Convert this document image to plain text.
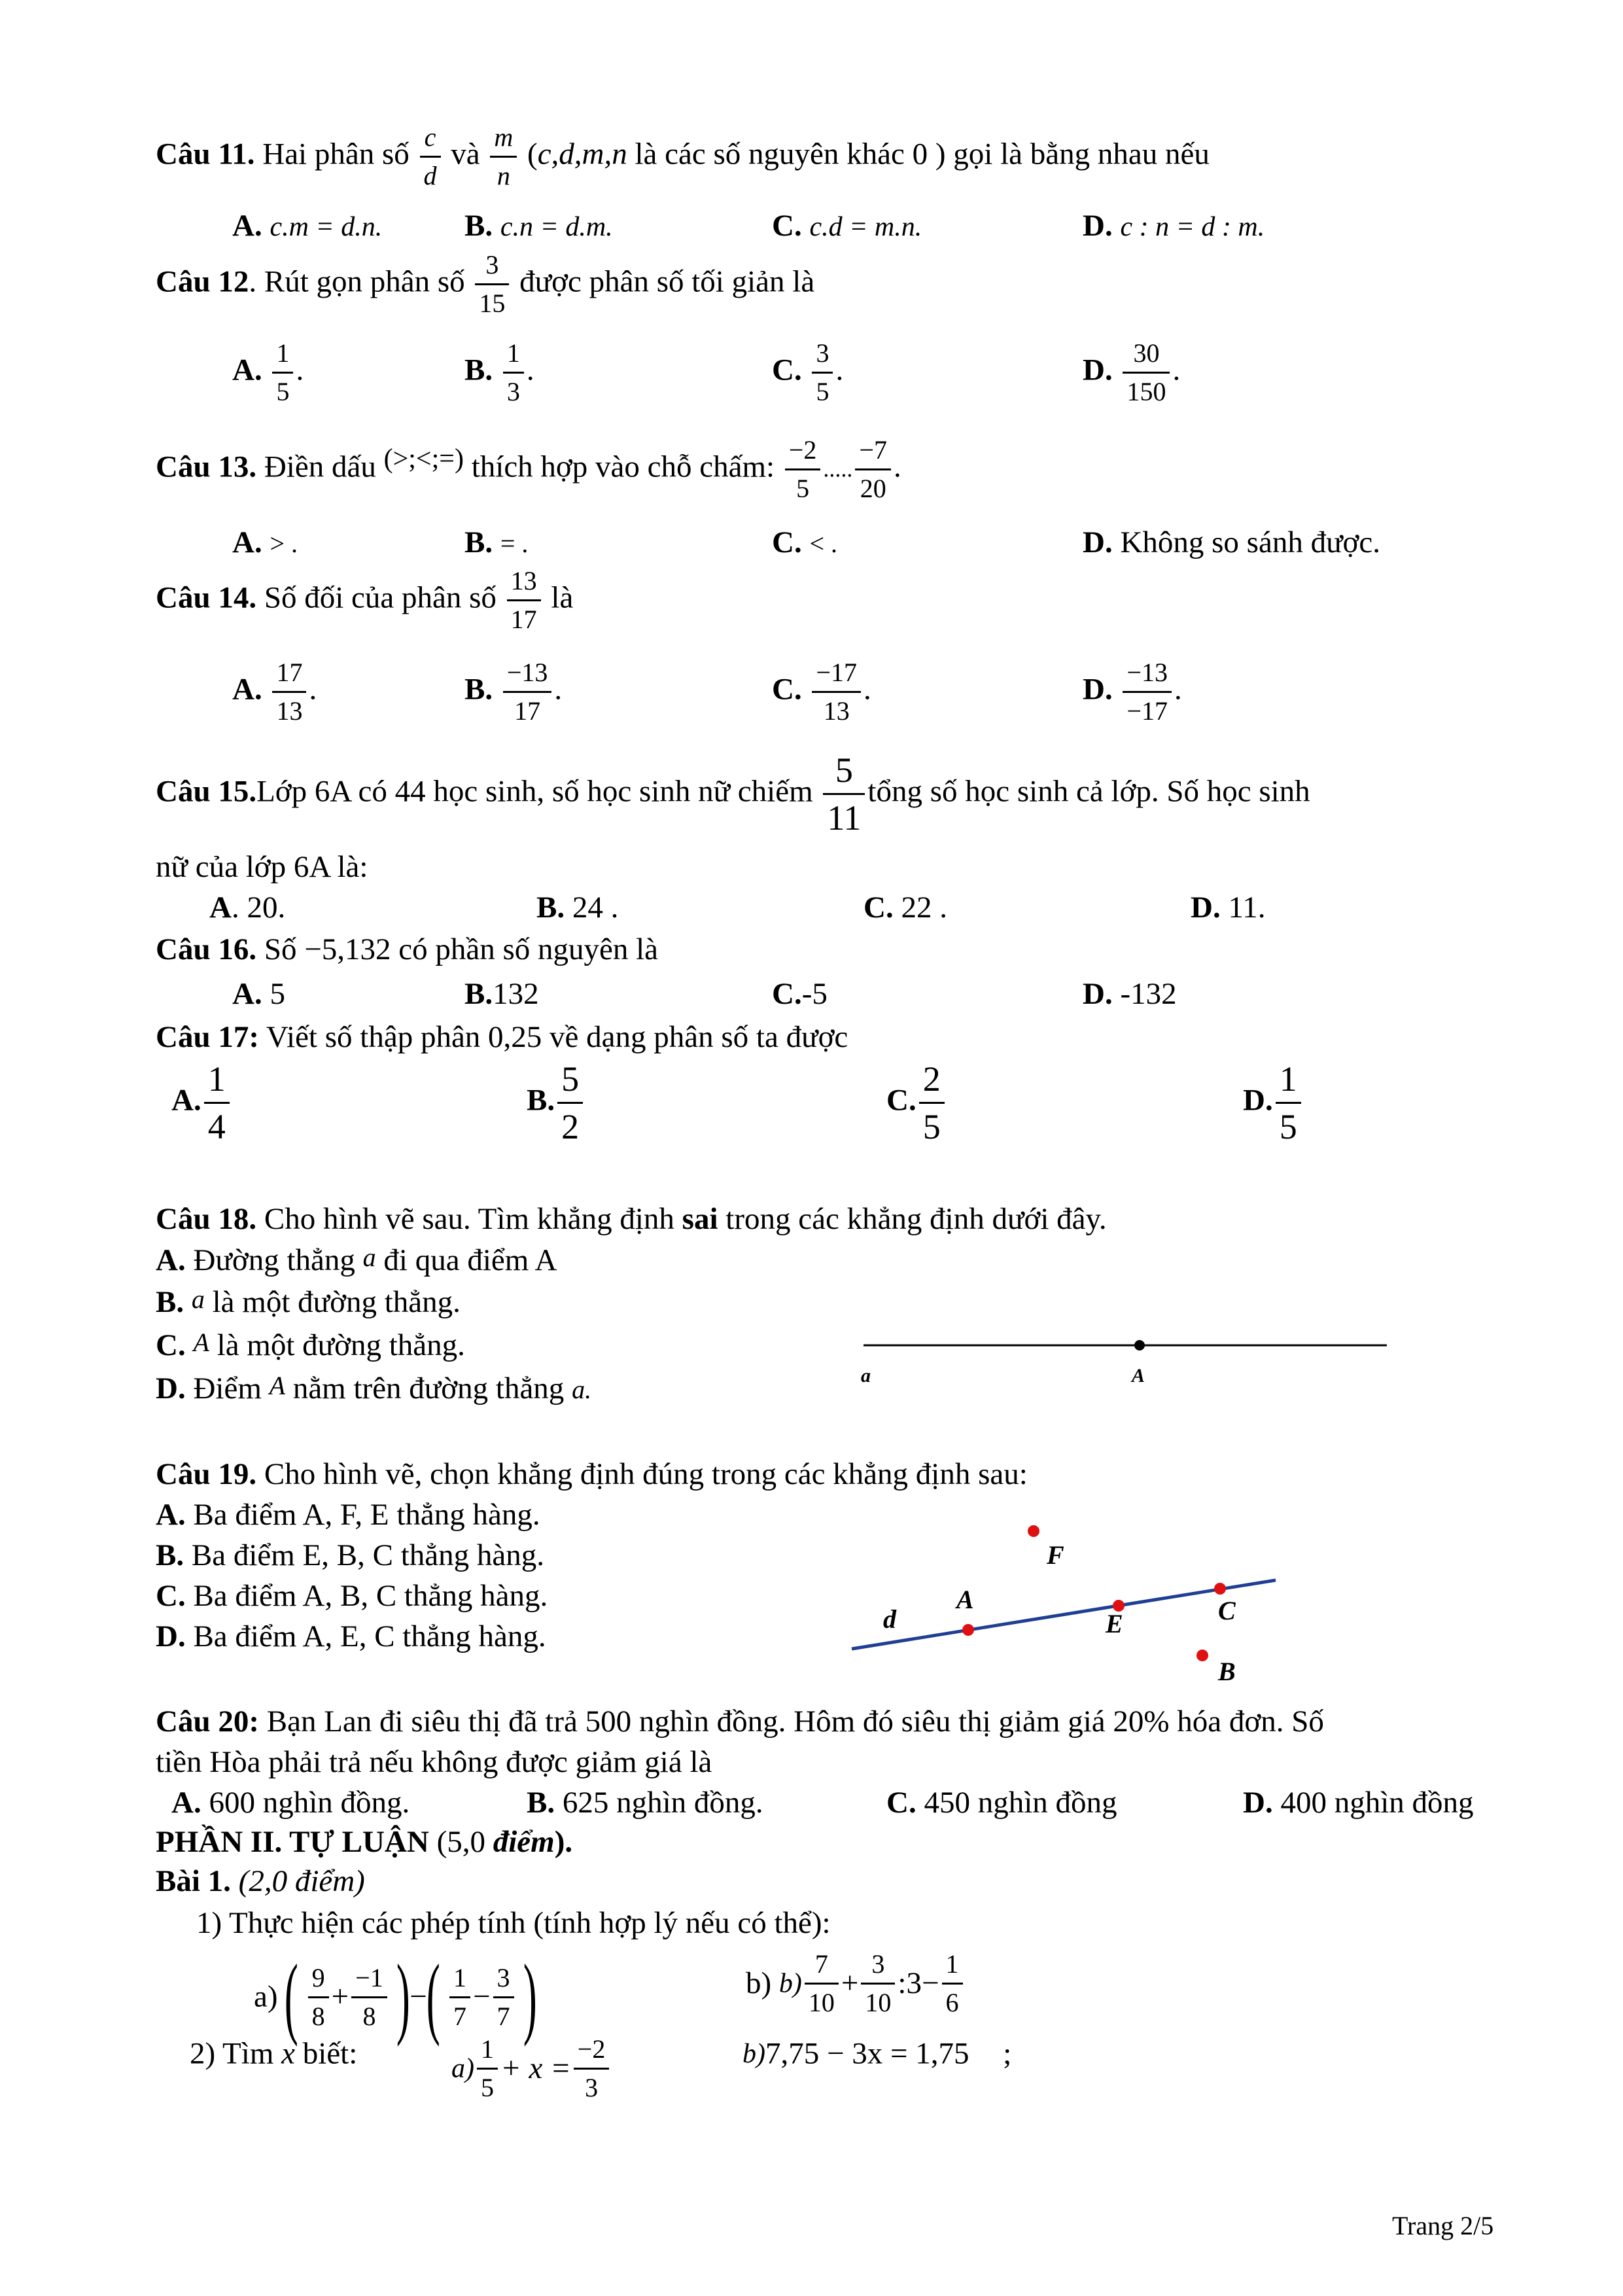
Câu 11. Hai phân số $\frac{c}{d}$ và $\frac{m}{n} (c,d,m,n$ là các số nguyên khác 0 ) gọi là bằng nhau nếu
A. c.m = d.n.	B. c.n = d.m.	C. c.d = m.n.	D. c : n = d : m.
Câu 12. Rút gọn phân số $\frac{3}{15}$ được phân số tối giản là
A. $\frac{1}{5}$ .	B. $\frac{1}{3}$ .	C. $\frac{3}{5}$ .	D. $\frac{30}{150}$ .
Câu 13. Điền dấu (>;<;=) thích hợp vào chỗ chấm: $\frac{-2}{5}$ ..... $\frac{-7}{20}$ .
A. > .	B. = .	C. < .	D. Không so sánh được.
Câu 14. Số đối của phân số $\frac{13}{17}$ là
A. $\frac{17}{13}$ .	B. $\frac{-13}{17}$ .	C. $\frac{-17}{13}$ .	D. $\frac{-13}{-17}$ .
Câu 15.Lớp 6A có 44 học sinh, số học sinh nữ chiếm $\frac{5}{11}$ tổng số học sinh cả lớp. Số học sinh
nữ của lớp 6A là:
A. 20.	B. 24 .	C. 22 .	D. 11.
Câu 16. Số −5,132 có phần số nguyên là
A. 5	B.132	C.-5	D. -132
Câu 17: Viết số thập phân 0,25 về dạng phân số ta được
A. $\frac{1}{4}$	B. $\frac{5}{2}$	C. $\frac{2}{5}$	D. $\frac{1}{5}$
Câu 18. Cho hình vẽ sau. Tìm khẳng định sai trong các khẳng định dưới đây.
A. Đường thẳng a đi qua điểm A
B. a là một đường thẳng.
C. A là một đường thẳng.
D. Điểm A nằm trên đường thẳng a.	a	A
Câu 19. Cho hình vẽ, chọn khẳng định đúng trong các khẳng định sau:
A. Ba điểm A, F, E thẳng hàng.
B. Ba điểm E, B, C thẳng hàng.
C. Ba điểm A, B, C thẳng hàng.
D. Ba điểm A, E, C thẳng hàng.
d
A
E	C
F
B
Câu 20: Bạn Lan đi siêu thị đã trả 500 nghìn đồng. Hôm đó siêu thị giảm giá 20% hóa đơn. Số
tiền Hòa phải trả nếu không được giảm giá là
A. 600 nghìn đồng.	B. 625 nghìn đồng.	C. 450 nghìn đồng	D. 400 nghìn đồng
PHẦN II. TỰ LUẬN (5,0 điểm).
Bài 1. (2,0 điểm)
1) Thực hiện các phép tính (tính hợp lý nếu có thể):
a) ( $\frac{9}{8} + \frac{-1}{8}$ )−( $\frac{1}{7} - \frac{3}{7}$ )	b) $b) \frac{7}{10} + \frac{3}{10}$ :3− $\frac{1}{6}$
2) Tìm x biết:	$a) \frac{1}{5} + x = \frac{-2}{3}$	b)7,75 − 3x = 1,75 ;
Trang 2/5
